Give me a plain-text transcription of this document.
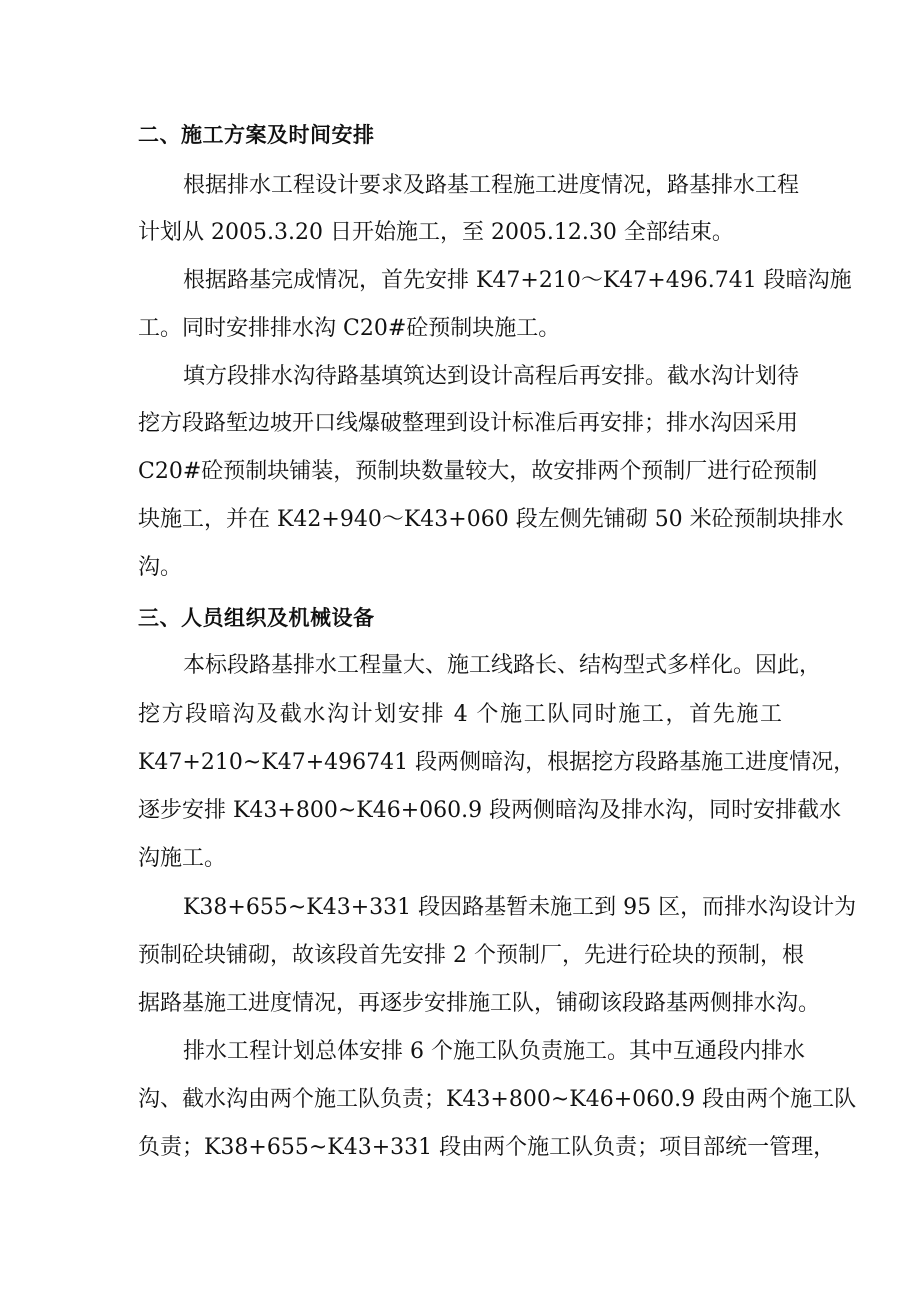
二、施工方案及时间安排
根据排水工程设计要求及路基工程施工进度情况，路基排水工程
计划从 2005.3.20 日开始施工，至 2005.12.30 全部结束。
根据路基完成情况，首先安排 K47+210～K47+496.741 段暗沟施
工。同时安排排水沟 C20#砼预制块施工。
填方段排水沟待路基填筑达到设计高程后再安排。截水沟计划待
挖方段路堑边坡开口线爆破整理到设计标准后再安排；排水沟因采用
C20#砼预制块铺装，预制块数量较大，故安排两个预制厂进行砼预制
块施工，并在 K42+940～K43+060 段左侧先铺砌 50 米砼预制块排水
沟。
三、人员组织及机械设备
本标段路基排水工程量大、施工线路长、结构型式多样化。因此，
挖方段暗沟及截水沟计划安排 4 个施工队同时施工，首先施工
K47+210~K47+496741 段两侧暗沟，根据挖方段路基施工进度情况，
逐步安排 K43+800~K46+060.9 段两侧暗沟及排水沟，同时安排截水
沟施工。
K38+655~K43+331 段因路基暂未施工到 95 区，而排水沟设计为
预制砼块铺砌，故该段首先安排 2 个预制厂，先进行砼块的预制，根
据路基施工进度情况，再逐步安排施工队，铺砌该段路基两侧排水沟。
排水工程计划总体安排 6 个施工队负责施工。其中互通段内排水
沟、截水沟由两个施工队负责；K43+800~K46+060.9 段由两个施工队
负责；K38+655~K43+331 段由两个施工队负责；项目部统一管理，
